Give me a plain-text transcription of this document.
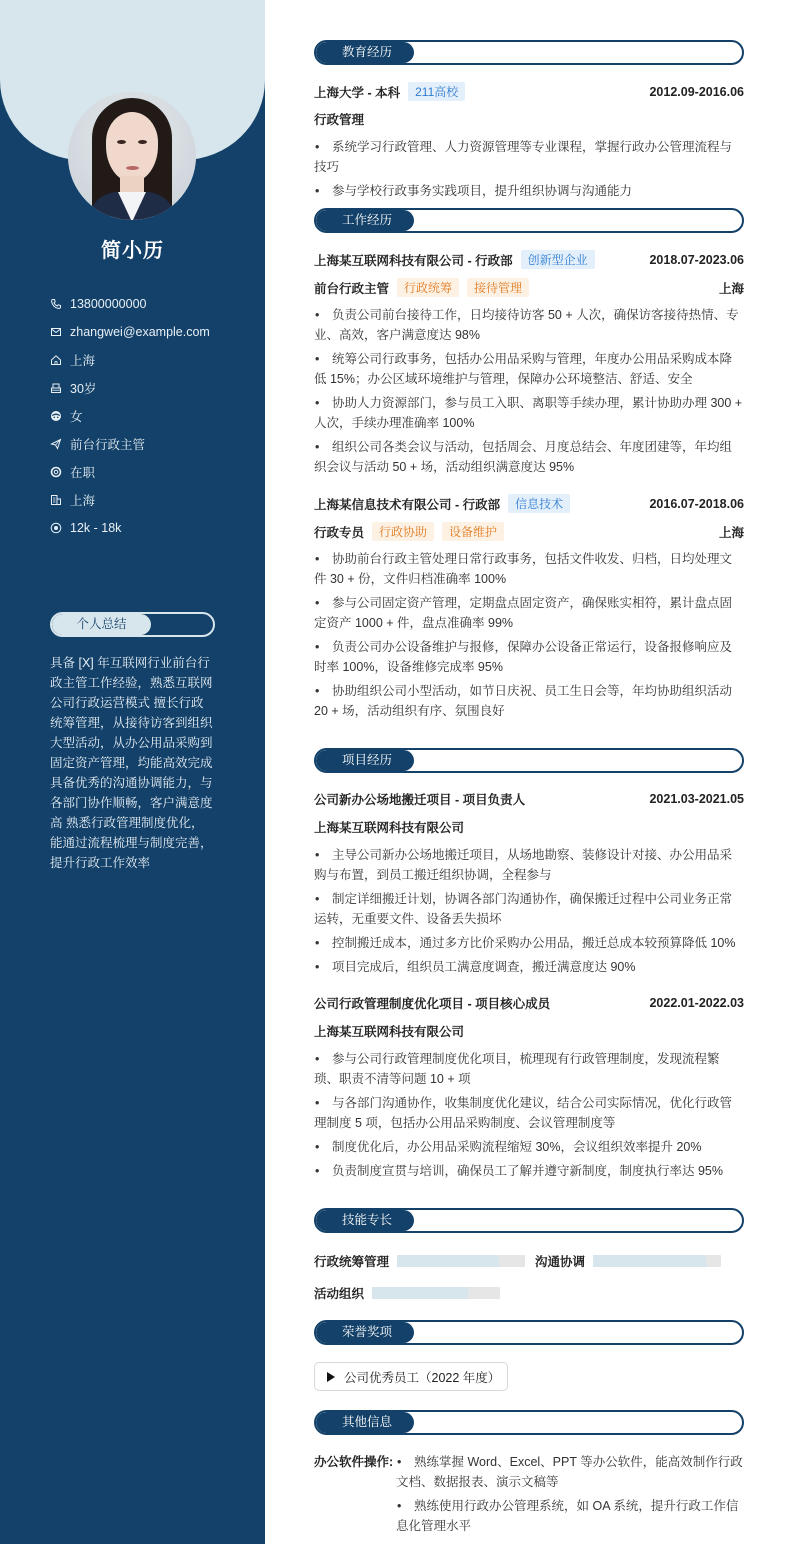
简小历
13800000000
zhangwei@example.com
上海
30岁
女
前台行政主管
在职
上海
12k - 18k
个人总结
具备 [X] 年互联网行业前台行政主管工作经验，熟悉互联网公司行政运营模式 擅长行政统筹管理，从接待访客到组织大型活动，从办公用品采购到固定资产管理，均能高效完成 具备优秀的沟通协调能力，与各部门协作顺畅，客户满意度高 熟悉行政管理制度优化，能通过流程梳理与制度完善，提升行政工作效率
教育经历
上海大学 - 本科	211高校	2012.09-2016.06
行政管理
• 系统学习行政管理、人力资源管理等专业课程，掌握行政办公管理流程与技巧
• 参与学校行政事务实践项目，提升组织协调与沟通能力
工作经历
上海某互联网科技有限公司 - 行政部	创新型企业	2018.07-2023.06
前台行政主管	行政统筹	接待管理	上海
• 负责公司前台接待工作，日均接待访客 50 + 人次，确保访客接待热情、专业、高效，客户满意度达 98%
• 统筹公司行政事务，包括办公用品采购与管理，年度办公用品采购成本降低 15%；办公区域环境维护与管理，保障办公环境整洁、舒适、安全
• 协助人力资源部门，参与员工入职、离职等手续办理，累计协助办理 300 + 人次，手续办理准确率 100%
• 组织公司各类会议与活动，包括周会、月度总结会、年度团建等，年均组织会议与活动 50 + 场，活动组织满意度达 95%
上海某信息技术有限公司 - 行政部	信息技术	2016.07-2018.06
行政专员	行政协助	设备维护	上海
• 协助前台行政主管处理日常行政事务，包括文件收发、归档，日均处理文件 30 + 份，文件归档准确率 100%
• 参与公司固定资产管理，定期盘点固定资产，确保账实相符，累计盘点固定资产 1000 + 件，盘点准确率 99%
• 负责公司办公设备维护与报修，保障办公设备正常运行，设备报修响应及时率 100%，设备维修完成率 95%
• 协助组织公司小型活动，如节日庆祝、员工生日会等，年均协助组织活动 20 + 场，活动组织有序、氛围良好
项目经历
公司新办公场地搬迁项目 - 项目负责人	2021.03-2021.05
上海某互联网科技有限公司
• 主导公司新办公场地搬迁项目，从场地勘察、装修设计对接、办公用品采购与布置，到员工搬迁组织协调，全程参与
• 制定详细搬迁计划，协调各部门沟通协作，确保搬迁过程中公司业务正常运转，无重要文件、设备丢失损坏
• 控制搬迁成本，通过多方比价采购办公用品，搬迁总成本较预算降低 10%
• 项目完成后，组织员工满意度调查，搬迁满意度达 90%
公司行政管理制度优化项目 - 项目核心成员	2022.01-2022.03
上海某互联网科技有限公司
• 参与公司行政管理制度优化项目，梳理现有行政管理制度，发现流程繁琐、职责不清等问题 10 + 项
• 与各部门沟通协作，收集制度优化建议，结合公司实际情况，优化行政管理制度 5 项，包括办公用品采购制度、会议管理制度等
• 制度优化后，办公用品采购流程缩短 30%，会议组织效率提升 20%
• 负责制度宣贯与培训，确保员工了解并遵守新制度，制度执行率达 95%
技能专长
行政统筹管理	沟通协调
活动组织
荣誉奖项
公司优秀员工（2022 年度）
其他信息
办公软件操作: • 熟练掌握 Word、Excel、PPT 等办公软件，能高效制作行政文档、数据报表、演示文稿等
• 熟练使用行政办公管理系统，如 OA 系统，提升行政工作信息化管理水平
